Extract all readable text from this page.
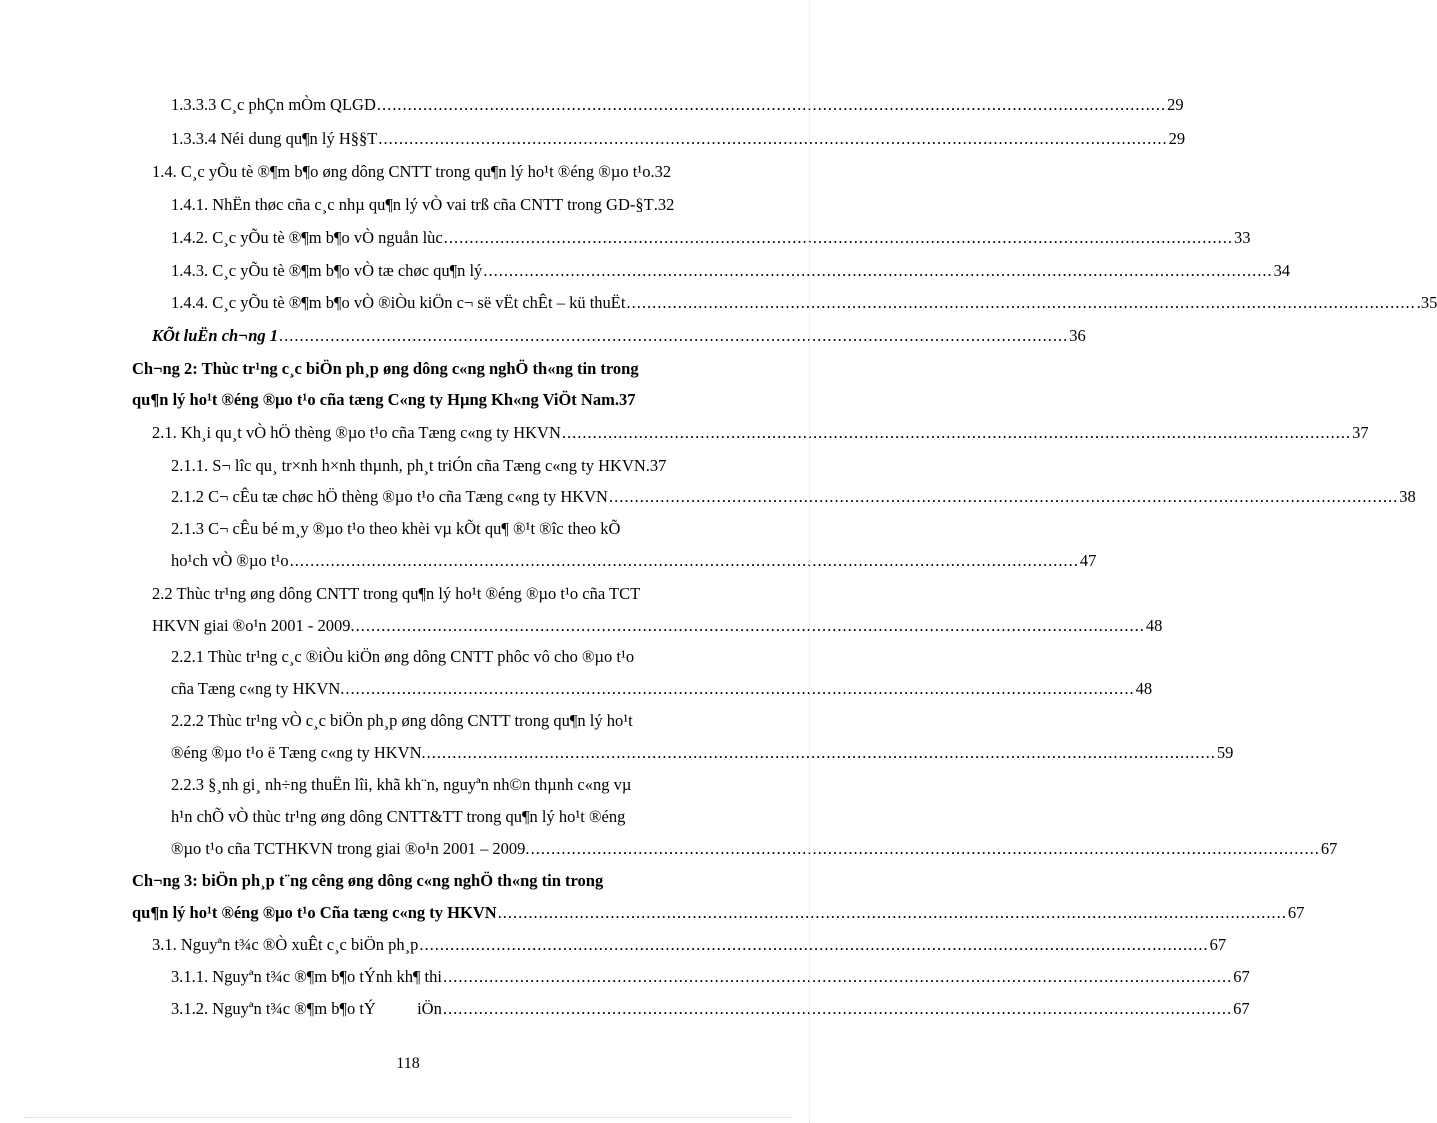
1.3.3.3 C¸c phÇn mÒm QLGD .......................................................................................................................................................... 29
1.3.3.4 Néi dung qu¶n lý H§§T .......................................................................................................................................................... 29
1.4. C¸c yÕu tè ®¶m b¶o øng dông CNTT trong qu¶n lý ho¹t ®éng ®µo t¹o .32
1.4.1. NhËn thøc cña c¸c nhµ qu¶n lý vÒ vai trß cña CNTT trong GD-§T .32
1.4.2. C¸c yÕu tè ®¶m b¶o vÒ nguån lùc .......................................................................................................................................................... 33
1.4.3. C¸c yÕu tè ®¶m b¶o vÒ tæ chøc qu¶n lý .......................................................................................................................................................... 34
1.4.4. C¸c yÕu tè ®¶m b¶o vÒ ®iÒu kiÖn c¬ së vËt chÊt – kü thuËt .......................................................................................................................................................... .35
KÕt luËn ch¬ng 1 .......................................................................................................................................................... 36
Ch¬ng 2: Thùc tr¹ng c¸c biÖn ph¸p øng dông c«ng nghÖ th«ng tin trong
qu¶n lý ho¹t ®éng ®µo t¹o cña tæng C«ng ty Hµng Kh«ng ViÖt Nam .37
2.1. Kh¸i qu¸t vÒ hÖ thèng ®µo t¹o cña Tæng c«ng ty HKVN .......................................................................................................................................................... 37
2.1.1. S¬ lîc qu¸ tr×nh h×nh thµnh, ph¸t triÓn cña Tæng c«ng ty HKVN .37
2.1.2 C¬ cÊu tæ chøc hÖ thèng ®µo t¹o cña Tæng c«ng ty HKVN .......................................................................................................................................................... 38
2.1.3 C¬ cÊu bé m¸y ®µo t¹o theo khèi vµ kÕt qu¶ ®¹t ®îc theo kÕ
ho¹ch vÒ ®µo t¹o .......................................................................................................................................................... 47
2.2 Thùc tr¹ng øng dông CNTT trong qu¶n lý ho¹t ®éng ®µo t¹o cña TCT
HKVN giai ®o¹n 2001 - 2009. .......................................................................................................................................................... 48
2.2.1 Thùc tr¹ng c¸c ®iÒu kiÖn øng dông CNTT phôc vô cho ®µo t¹o
cña Tæng c«ng ty HKVN. .......................................................................................................................................................... 48
2.2.2 Thùc tr¹ng vÒ c¸c biÖn ph¸p øng dông CNTT trong qu¶n lý ho¹t
®éng ®µo t¹o ë Tæng c«ng ty HKVN. .......................................................................................................................................................... 59
2.2.3 §¸nh gi¸ nh÷ng thuËn lîi, khã kh¨n, nguyªn nh©n thµnh c«ng vµ
h¹n chÕ vÒ thùc tr¹ng øng dông CNTT&TT trong qu¶n lý ho¹t ®éng
®µo t¹o cña TCTHKVN trong giai ®o¹n 2001 – 2009. .......................................................................................................................................................... 67
Ch¬ng 3: biÖn ph¸p t¨ng cêng øng dông c«ng nghÖ th«ng tin trong
qu¶n lý ho¹t ®éng ®µo t¹o Cña tæng c«ng ty HKVN .......................................................................................................................................................... 67
3.1. Nguyªn t¾c ®Ò xuÊt c¸c biÖn ph¸p .......................................................................................................................................................... 67
3.1.1. Nguyªn t¾c ®¶m b¶o tÝnh kh¶ thi .......................................................................................................................................................... 67
3.1.2. Nguyªn t¾c ®¶m b¶o tÝ          iÖn .......................................................................................................................................................... 67
118
